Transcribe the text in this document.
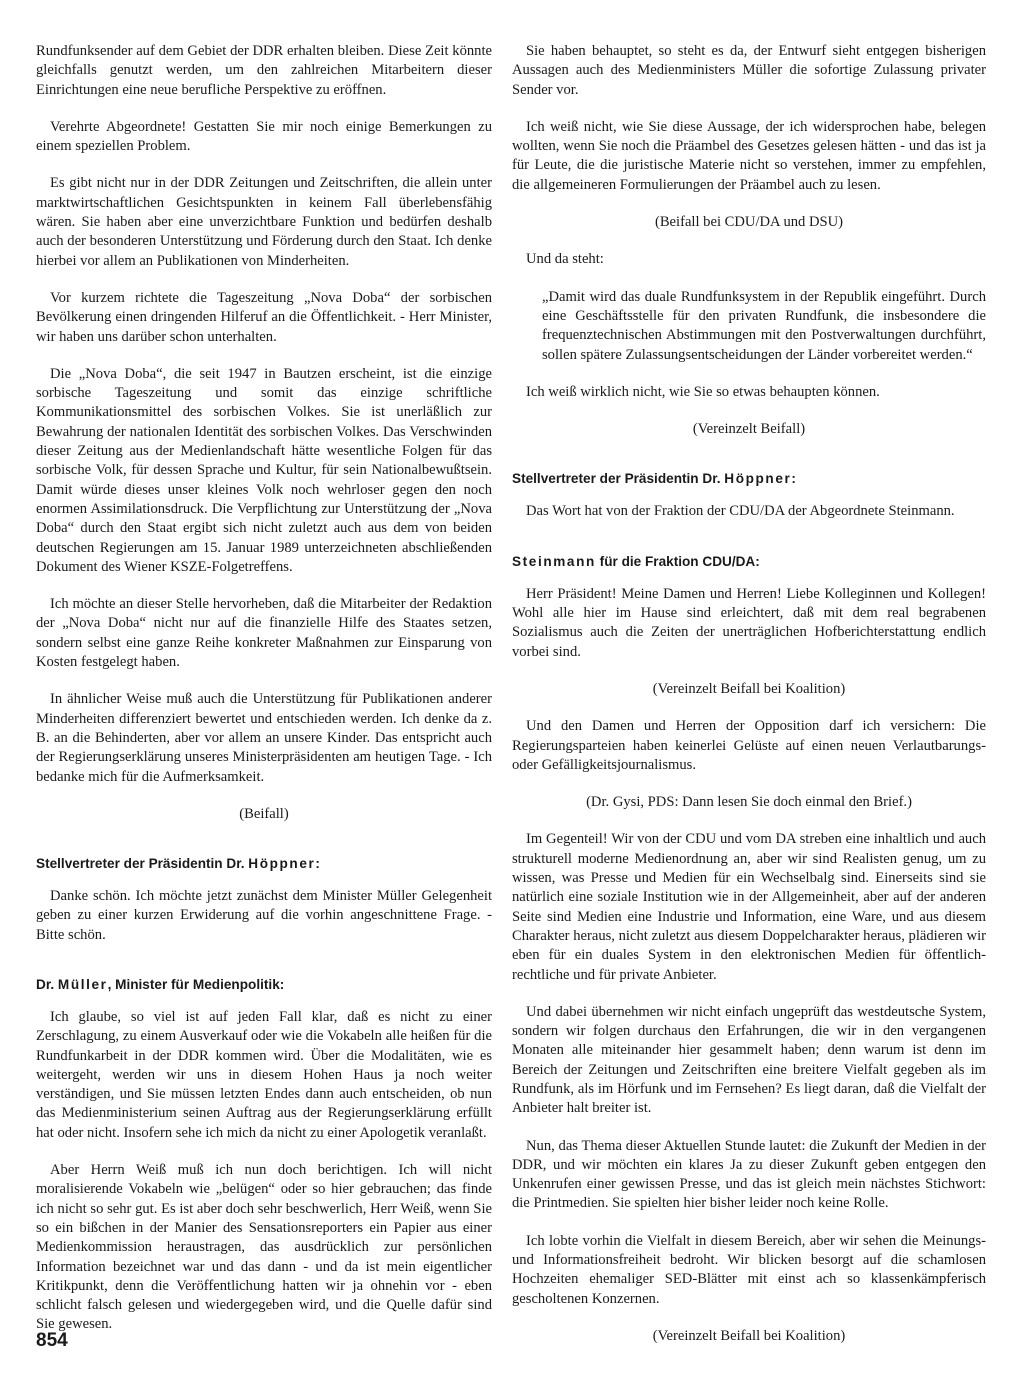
Rundfunksender auf dem Gebiet der DDR erhalten bleiben. Diese Zeit könnte gleichfalls genutzt werden, um den zahlreichen Mitarbeitern dieser Einrichtungen eine neue berufliche Perspektive zu eröffnen.

Verehrte Abgeordnete! Gestatten Sie mir noch einige Bemerkungen zu einem speziellen Problem.

Es gibt nicht nur in der DDR Zeitungen und Zeitschriften, die allein unter marktwirtschaftlichen Gesichtspunkten in keinem Fall überlebensfähig wären. Sie haben aber eine unverzichtbare Funktion und bedürfen deshalb auch der besonderen Unterstützung und Förderung durch den Staat. Ich denke hierbei vor allem an Publikationen von Minderheiten.

Vor kurzem richtete die Tageszeitung „Nova Doba“ der sorbischen Bevölkerung einen dringenden Hilferuf an die Öffentlichkeit. - Herr Minister, wir haben uns darüber schon unterhalten.

Die „Nova Doba“, die seit 1947 in Bautzen erscheint, ist die einzige sorbische Tageszeitung und somit das einzige schriftliche Kommunikationsmittel des sorbischen Volkes. Sie ist unerläßlich zur Bewahrung der nationalen Identität des sorbischen Volkes. Das Verschwinden dieser Zeitung aus der Medienlandschaft hätte wesentliche Folgen für das sorbische Volk, für dessen Sprache und Kultur, für sein Nationalbewußtsein. Damit würde dieses unser kleines Volk noch wehrloser gegen den noch enormen Assimilationsdruck. Die Verpflichtung zur Unterstützung der „Nova Doba“ durch den Staat ergibt sich nicht zuletzt auch aus dem von beiden deutschen Regierungen am 15. Januar 1989 unterzeichneten abschließenden Dokument des Wiener KSZE-Folgetreffens.

Ich möchte an dieser Stelle hervorheben, daß die Mitarbeiter der Redaktion der „Nova Doba“ nicht nur auf die finanzielle Hilfe des Staates setzen, sondern selbst eine ganze Reihe konkreter Maßnahmen zur Einsparung von Kosten festgelegt haben.

In ähnlicher Weise muß auch die Unterstützung für Publikationen anderer Minderheiten differenziert bewertet und entschieden werden. Ich denke da z. B. an die Behinderten, aber vor allem an unsere Kinder. Das entspricht auch der Regierungserklärung unseres Ministerpräsidenten am heutigen Tage. - Ich bedanke mich für die Aufmerksamkeit.

(Beifall)

Stellvertreter der Präsidentin Dr. Höppner:

Danke schön. Ich möchte jetzt zunächst dem Minister Müller Gelegenheit geben zu einer kurzen Erwiderung auf die vorhin angeschnittene Frage. - Bitte schön.

Dr. Müller, Minister für Medienpolitik:

Ich glaube, so viel ist auf jeden Fall klar, daß es nicht zu einer Zerschlagung, zu einem Ausverkauf oder wie die Vokabeln alle heißen für die Rundfunkarbeit in der DDR kommen wird. Über die Modalitäten, wie es weitergeht, werden wir uns in diesem Hohen Haus ja noch weiter verständigen, und Sie müssen letzten Endes dann auch entscheiden, ob nun das Medienministerium seinen Auftrag aus der Regierungserklärung erfüllt hat oder nicht. Insofern sehe ich mich da nicht zu einer Apologetik veranlaßt.

Aber Herrn Weiß muß ich nun doch berichtigen. Ich will nicht moralisierende Vokabeln wie „belügen“ oder so hier gebrauchen; das finde ich nicht so sehr gut. Es ist aber doch sehr beschwerlich, Herr Weiß, wenn Sie so ein bißchen in der Manier des Sensationsreporters ein Papier aus einer Medienkommission heraustragen, das ausdrücklich zur persönlichen Information bezeichnet war und das dann - und da ist mein eigentlicher Kritikpunkt, denn die Veröffentlichung hatten wir ja ohnehin vor - eben schlicht falsch gelesen und wiedergegeben wird, und die Quelle dafür sind Sie gewesen.

Sie haben behauptet, so steht es da, der Entwurf sieht entgegen bisherigen Aussagen auch des Medienministers Müller die sofortige Zulassung privater Sender vor.

Ich weiß nicht, wie Sie diese Aussage, der ich widersprochen habe, belegen wollten, wenn Sie noch die Präambel des Gesetzes gelesen hätten - und das ist ja für Leute, die die juristische Materie nicht so verstehen, immer zu empfehlen, die allgemeineren Formulierungen der Präambel auch zu lesen.

(Beifall bei CDU/DA und DSU)

Und da steht:

„Damit wird das duale Rundfunksystem in der Republik eingeführt. Durch eine Geschäftsstelle für den privaten Rundfunk, die insbesondere die frequenztechnischen Abstimmungen mit den Postverwaltungen durchführt, sollen spätere Zulassungsentscheidungen der Länder vorbereitet werden.“

Ich weiß wirklich nicht, wie Sie so etwas behaupten können.

(Vereinzelt Beifall)

Stellvertreter der Präsidentin Dr. Höppner:

Das Wort hat von der Fraktion der CDU/DA der Abgeordnete Steinmann.

Steinmann für die Fraktion CDU/DA:

Herr Präsident! Meine Damen und Herren! Liebe Kolleginnen und Kollegen! Wohl alle hier im Hause sind erleichtert, daß mit dem real begrabenen Sozialismus auch die Zeiten der unerträglichen Hofberichterstattung endlich vorbei sind.

(Vereinzelt Beifall bei Koalition)

Und den Damen und Herren der Opposition darf ich versichern: Die Regierungsparteien haben keinerlei Gelüste auf einen neuen Verlautbarungs- oder Gefälligkeitsjournalismus.

(Dr. Gysi, PDS: Dann lesen Sie doch einmal den Brief.)

Im Gegenteil! Wir von der CDU und vom DA streben eine inhaltlich und auch strukturell moderne Medienordnung an, aber wir sind Realisten genug, um zu wissen, was Presse und Medien für ein Wechselbalg sind. Einerseits sind sie natürlich eine soziale Institution wie in der Allgemeinheit, aber auf der anderen Seite sind Medien eine Industrie und Information, eine Ware, und aus diesem Charakter heraus, nicht zuletzt aus diesem Doppelcharakter heraus, plädieren wir eben für ein duales System in den elektronischen Medien für öffentlich-rechtliche und für private Anbieter.

Und dabei übernehmen wir nicht einfach ungeprüft das westdeutsche System, sondern wir folgen durchaus den Erfahrungen, die wir in den vergangenen Monaten alle miteinander hier gesammelt haben; denn warum ist denn im Bereich der Zeitungen und Zeitschriften eine breitere Vielfalt gegeben als im Rundfunk, als im Hörfunk und im Fernsehen? Es liegt daran, daß die Vielfalt der Anbieter halt breiter ist.

Nun, das Thema dieser Aktuellen Stunde lautet: die Zukunft der Medien in der DDR, und wir möchten ein klares Ja zu dieser Zukunft geben entgegen den Unkenrufen einer gewissen Presse, und das ist gleich mein nächstes Stichwort: die Printmedien. Sie spielten hier bisher leider noch keine Rolle.

Ich lobte vorhin die Vielfalt in diesem Bereich, aber wir sehen die Meinungs- und Informationsfreiheit bedroht. Wir blicken besorgt auf die schamlosen Hochzeiten ehemaliger SED-Blätter mit einst ach so klassenkämpferisch gescholtenen Konzernen.

(Vereinzelt Beifall bei Koalition)

854
